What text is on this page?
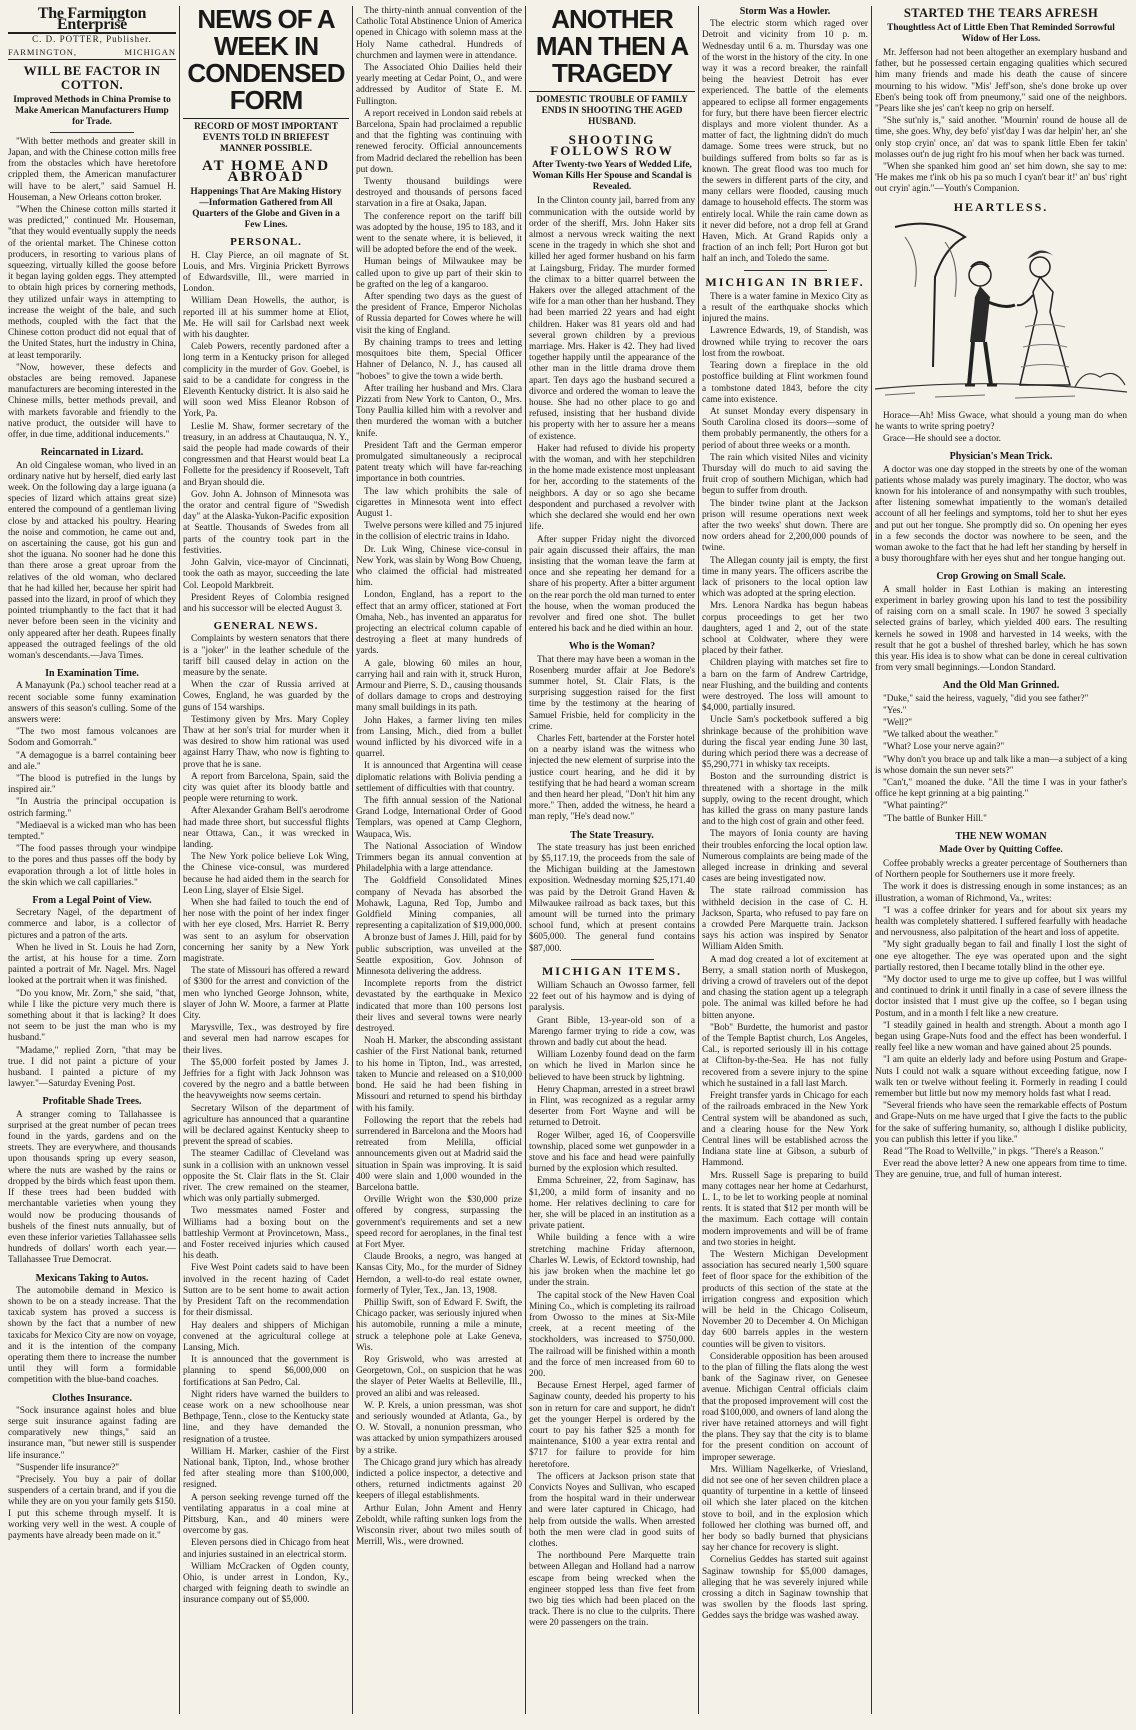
The Farmington Enterprise
C. D. POTTER, Publisher.
FARMINGTON,	MICHIGAN
WILL BE FACTOR IN COTTON.
Improved Methods in China Promise to Make American Manufacturers Hump for Trade.

"With better methods and greater skill in Japan, and with the Chinese cotton mills free from the obstacles which have heretofore crippled them, the American manufacturer will have to be alert," said Samuel H. Houseman, a New Orleans cotton broker.

"When the Chinese cotton mills started it was predicted," continued Mr. Houseman, "that they would eventually supply the needs of the oriental market. The Chinese cotton producers, in resorting to various plans of squeezing, virtually killed the goose before it began laying golden eggs. They attempted to obtain high prices by cornering methods, they utilized unfair ways in attempting to increase the weight of the bale, and such methods, coupled with the fact that the Chinese cotton product did not equal that of the United States, hurt the industry in China, at least temporarily.

"Now, however, these defects and obstacles are being removed. Japanese manufacturers are becoming interested in the Chinese mills, better methods prevail, and with markets favorable and friendly to the native product, the outsider will have to offer, in due time, additional inducements."

Reincarnated in Lizard.

An old Cingalese woman, who lived in an ordinary native hut by herself, died early last week. On the following day a large iguana (a species of lizard which attains great size) entered the compound of a gentleman living close by and attacked his poultry. Hearing the noise and commotion, he came out and, on ascertaining the cause, got his gun and shot the iguana. No sooner had he done this than there arose a great uproar from the relatives of the old woman, who declared that he had killed her, because her spirit had passed into the lizard, in proof of which they pointed triumphantly to the fact that it had never before been seen in the vicinity and only appeared after her death. Rupees finally appeased the outraged feelings of the old woman's descendants.—Java Times.

In Examination Time.

A Manayunk (Pa.) school teacher read at a recent sociable some funny examination answers of this season's culling. Some of the answers were:

"The two most famous volcanoes are Sodom and Gomorrah."

"A demagogue is a barrel containing beer and ale."

"The blood is putrefied in the lungs by inspired air."

"In Austria the principal occupation is ostrich farming."

"Mediaeval is a wicked man who has been tempted."

"The food passes through your windpipe to the pores and thus passes off the body by evaporation through a lot of little holes in the skin which we call capillaries."

From a Legal Point of View.

Secretary Nagel, of the department of commerce and labor, is a collector of pictures and a patron of the arts.

When he lived in St. Louis he had Zorn, the artist, at his house for a time. Zorn painted a portrait of Mr. Nagel. Mrs. Nagel looked at the portrait when it was finished.

"Do you know, Mr. Zorn," she said, "that, while I like the picture very much there is something about it that is lacking? It does not seem to be just the man who is my husband."

"Madame," replied Zorn, "that may be true. I did not paint a picture of your husband. I painted a picture of my lawyer."—Saturday Evening Post.

Profitable Shade Trees.

A stranger coming to Tallahassee is surprised at the great number of pecan trees found in the yards, gardens and on the streets. They are everywhere, and thousands upon thousands spring up every season, where the nuts are washed by the rains or dropped by the birds which feast upon them. If these trees had been budded with merchantable varieties when young they would now be producing thousands of bushels of the finest nuts annually, but of even these inferior varieties Tallahassee sells hundreds of dollars' worth each year.—Tallahassee True Democrat.

Mexicans Taking to Autos.

The automobile demand in Mexico is shown to be on a steady increase. That the taxicab system has proved a success is shown by the fact that a number of new taxicabs for Mexico City are now on voyage, and it is the intention of the company operating them there to increase the number until they will form a formidable competition with the blue-band coaches.

Clothes Insurance.

"Sock insurance against holes and blue serge suit insurance against fading are comparatively new things," said an insurance man, "but newer still is suspender life insurance."

"Suspender life insurance?"

"Precisely. You buy a pair of dollar suspenders of a certain brand, and if you die while they are on you your family gets $150. I put this scheme through myself. It is working very well in the west. A couple of payments have already been made on it."

NEWS OF A WEEK IN CONDENSED FORM
RECORD OF MOST IMPORTANT EVENTS TOLD IN BRIEFEST MANNER POSSIBLE.
AT HOME AND ABROAD
Happenings That Are Making History —Information Gathered from All Quarters of the Globe and Given in a Few Lines.
PERSONAL.

H. Clay Pierce, an oil magnate of St. Louis, and Mrs. Virginia Prickett Byrrows of Edwardsville, Ill., were married in London.

William Dean Howells, the author, is reported ill at his summer home at Eliot, Me. He will sail for Carlsbad next week with his daughter.

Caleb Powers, recently pardoned after a long term in a Kentucky prison for alleged complicity in the murder of Gov. Goebel, is said to be a candidate for congress in the Eleventh Kentucky district. It is also said he will soon wed Miss Eleanor Robson of York, Pa.

Leslie M. Shaw, former secretary of the treasury, in an address at Chautauqua, N. Y., said the people had made cowards of their congressmen and that Hearst would beat La Follette for the presidency if Roosevelt, Taft and Bryan should die.

Gov. John A. Johnson of Minnesota was the orator and central figure of "Swedish day" at the Alaska-Yukon-Pacific exposition at Seattle. Thousands of Swedes from all parts of the country took part in the festivities.

John Galvin, vice-mayor of Cincinnati, took the oath as mayor, succeeding the late Col. Leopold Markbreit.

President Reyes of Colombia resigned and his successor will be elected August 3.

GENERAL NEWS.

Complaints by western senators that there is a "joker" in the leather schedule of the tariff bill caused delay in action on the measure by the senate.

When the czar of Russia arrived at Cowes, England, he was guarded by the guns of 154 warships.

Testimony given by Mrs. Mary Copley Thaw at her son's trial for murder when it was desired to show him rational was used against Harry Thaw, who now is fighting to prove that he is sane.

A report from Barcelona, Spain, said the city was quiet after its bloody battle and people were returning to work.

After Alexander Graham Bell's aerodrome had made three short, but successful flights near Ottawa, Can., it was wrecked in landing.

The New York police believe Lok Wing, the Chinese vice-consul, was murdered because he had aided them in the search for Leon Ling, slayer of Elsie Sigel.

When she had failed to touch the end of her nose with the point of her index finger with her eye closed, Mrs. Harriet R. Berry was sent to an asylum for observation concerning her sanity by a New York magistrate.

The state of Missouri has offered a reward of $300 for the arrest and conviction of the men who lynched George Johnson, white, slayer of John W. Moore, a farmer at Platte City.

Marysville, Tex., was destroyed by fire and several men had narrow escapes for their lives.

The $5,000 forfeit posted by James J. Jeffries for a fight with Jack Johnson was covered by the negro and a battle between the heavyweights now seems certain.

Secretary Wilson of the department of agriculture has announced that a quarantine will be declared against Kentucky sheep to prevent the spread of scabies.

The steamer Cadillac of Cleveland was sunk in a collision with an unknown vessel opposite the St. Clair flats in the St. Clair river. The crew remained on the steamer, which was only partially submerged.

Two messmates named Foster and Williams had a boxing bout on the battleship Vermont at Provincetown, Mass., and Foster received injuries which caused his death.

Five West Point cadets said to have been involved in the recent hazing of Cadet Sutton are to be sent home to await action by President Taft on the recommendation for their dismissal.

Hay dealers and shippers of Michigan convened at the agricultural college at Lansing, Mich.

It is announced that the government is planning to spend $6,000,000 on fortifications at San Pedro, Cal.

Night riders have warned the builders to cease work on a new schoolhouse near Bethpage, Tenn., close to the Kentucky state line, and they have demanded the resignation of a trustee.

William H. Marker, cashier of the First National bank, Tipton, Ind., whose brother fed after stealing more than $100,000, resigned.

A person seeking revenge turned off the ventilating apparatus in a coal mine at Pittsburg, Kan., and 40 miners were overcome by gas.

Eleven persons died in Chicago from heat and injuries sustained in an electrical storm.

William McCracken of Ogden county, Ohio, is under arrest in London, Ky., charged with feigning death to swindle an insurance company out of $5,000.

The thirty-ninth annual convention of the Catholic Total Abstinence Union of America opened in Chicago with solemn mass at the Holy Name cathedral. Hundreds of churchmen and laymen were in attendance.

The Associated Ohio Dailies held their yearly meeting at Cedar Point, O., and were addressed by Auditor of State E. M. Fullington.

A report received in London said rebels at Barcelona, Spain had proclaimed a republic and that the fighting was continuing with renewed ferocity. Official announcements from Madrid declared the rebellion has been put down.

Twenty thousand buildings were destroyed and thousands of persons faced starvation in a fire at Osaka, Japan.

The conference report on the tariff bill was adopted by the house, 195 to 183, and it went to the senate where, it is believed, it will be adopted before the end of the week.

Human beings of Milwaukee may be called upon to give up part of their skin to be grafted on the leg of a kangaroo.

After spending two days as the guest of the president of France, Emperor Nicholas of Russia departed for Cowes where he will visit the king of England.

By chaining tramps to trees and letting mosquitoes bite them, Special Officer Hahner of Delanco, N. J., has caused all "hoboes" to give the town a wide berth.

After trailing her husband and Mrs. Clara Pizzati from New York to Canton, O., Mrs. Tony Paullia killed him with a revolver and then murdered the woman with a butcher knife.

President Taft and the German emperor promulgated simultaneously a reciprocal patent treaty which will have far-reaching importance in both countries.

The law which prohibits the sale of cigarettes in Minnesota went into effect August 1.

Twelve persons were killed and 75 injured in the collision of electric trains in Idaho.

Dr. Luk Wing, Chinese vice-consul in New York, was slain by Wong Bow Chueng, who claimed the official had mistreated him.

London, England, has a report to the effect that an army officer, stationed at Fort Omaha, Neb., has invented an apparatus for projecting an electrical column capable of destroying a fleet at many hundreds of yards.

A gale, blowing 60 miles an hour, carrying hail and rain with it, struck Huron, Armour and Pierre, S. D., causing thousands of dollars damage to crops and destroying many small buildings in its path.

John Hakes, a farmer living ten miles from Lansing, Mich., died from a bullet wound inflicted by his divorced wife in a quarrel.

It is announced that Argentina will cease diplomatic relations with Bolivia pending a settlement of difficulties with that country.

The fifth annual session of the National Grand Lodge, International Order of Good Templars, was opened at Camp Cleghorn, Waupaca, Wis.

The National Association of Window Trimmers began its annual convention at Philadelphia with a large attendance.

The Goldfield Consolidated Mines company of Nevada has absorbed the Mohawk, Laguna, Red Top, Jumbo and Goldfield Mining companies, all representing a capitalization of $19,000,000.

A bronze bust of James J. Hill, paid for by public subscription, was unveiled at the Seattle exposition, Gov. Johnson of Minnesota delivering the address.

Incomplete reports from the district devastated by the earthquake in Mexico indicated that more than 100 persons lost their lives and several towns were nearly destroyed.

Noah H. Marker, the absconding assistant cashier of the First National bank, returned to his home in Tipton, Ind., was arrested, taken to Muncie and released on a $10,000 bond. He said he had been fishing in Missouri and returned to spend his birthday with his family.

Following the report that the rebels had surrendered in Barcelona and the Moors had retreated from Melilla, official announcements given out at Madrid said the situation in Spain was improving. It is said 400 were slain and 1,000 wounded in the Barcelona battle.

Orville Wright won the $30,000 prize offered by congress, surpassing the government's requirements and set a new speed record for aeroplanes, in the final test at Fort Myer.

Claude Brooks, a negro, was hanged at Kansas City, Mo., for the murder of Sidney Herndon, a well-to-do real estate owner, formerly of Tyler, Tex., Jan. 13, 1908.

Phillip Swift, son of Edward F. Swift, the Chicago packer, was seriously injured when his automobile, running a mile a minute, struck a telephone pole at Lake Geneva, Wis.

Roy Griswold, who was arrested at Georgetown, Col., on suspicion that he was the slayer of Peter Waelts at Belleville, Ill., proved an alibi and was released.

W. P. Krels, a union pressman, was shot and seriously wounded at Atlanta, Ga., by O. W. Stovall, a nonunion pressman, who was attacked by union sympathizers aroused by a strike.

The Chicago grand jury which has already indicted a police inspector, a detective and others, returned indictments against 20 keepers of illegal establishments.

Arthur Eulan, John Ament and Henry Zeboldt, while rafting sunken logs from the Wisconsin river, about two miles south of Merrill, Wis., were drowned.

ANOTHER MAN THEN A TRAGEDY
DOMESTIC TROUBLE OF FAMILY ENDS IN SHOOTING THE AGED HUSBAND.
SHOOTING FOLLOWS ROW
After Twenty-two Years of Wedded Life, Woman Kills Her Spouse and Scandal is Revealed.

In the Clinton county jail, barred from any communication with the outside world by order of the sheriff, Mrs. John Haker sits almost a nervous wreck waiting the next scene in the tragedy in which she shot and killed her aged former husband on his farm at Laingsburg, Friday. The murder formed the climax to a bitter quarrel between the Hakers over the alleged attachment of the wife for a man other than her husband. They had been married 22 years and had eight children. Haker was 81 years old and had several grown children by a previous marriage. Mrs. Haker is 42. They had lived together happily until the appearance of the other man in the little drama drove them apart. Ten days ago the husband secured a divorce and ordered the woman to leave the house. She had no other place to go and refused, insisting that her husband divide his property with her to assure her a means of existence.

Haker had refused to divide his property with the woman, and with her stepchildren in the home made existence most unpleasant for her, according to the statements of the neighbors. A day or so ago she became despondent and purchased a revolver with which she declared she would end her own life.

After supper Friday night the divorced pair again discussed their affairs, the man insisting that the woman leave the farm at once and she repeating her demand for a share of his property. After a bitter argument on the rear porch the old man turned to enter the house, when the woman produced the revolver and fired one shot. The bullet entered his back and he died within an hour.

Who is the Woman?

That there may have been a woman in the Rosenberg murder affair at Joe Bedore's summer hotel, St. Clair Flats, is the surprising suggestion raised for the first time by the testimony at the hearing of Samuel Frisbie, held for complicity in the crime.

Charles Fett, bartender at the Forster hotel on a nearby island was the witness who injected the new element of surprise into the justice court hearing, and he did it by testifying that he had heard a woman scream and then heard her plead, "Don't hit him any more." Then, added the witness, he heard a man reply, "He's dead now."

The State Treasury.

The state treasury has just been enriched by $5,117.19, the proceeds from the sale of the Michigan building at the Jamestown exposition. Wednesday morning $25,171.40 was paid by the Detroit Grand Haven & Milwaukee railroad as back taxes, but this amount will be turned into the primary school fund, which at present contains $605,000. The general fund contains $87,000.

MICHIGAN ITEMS.

William Schauch an Owosso farmer, fell 22 feet out of his haymow and is dying of paralysis.

Grant Bible, 13-year-old son of a Marengo farmer trying to ride a cow, was thrown and badly cut about the head.

William Lozenby found dead on the farm on which he lived in Marlon since he believed to have been struck by lightning.

Henry Chapman, arrested in a street brawl in Flint, was recognized as a regular army deserter from Fort Wayne and will be returned to Detroit.

Roger Wilber, aged 16, of Coopersville township, placed some wet gunpowder in a stove and his face and head were painfully burned by the explosion which resulted.

Emma Schreiner, 22, from Saginaw, has $1,200, a mild form of insanity and no home. Her relatives declining to care for her, she will be placed in an institution as a private patient.

While building a fence with a wire stretching machine Friday afternoon, Charles W. Lewis, of Ecktord township, had his jaw broken when the machine let go under the strain.

The capital stock of the New Haven Coal Mining Co., which is completing its railroad from Owosso to the mines at Six-Mile creek, at a recent meeting of the stockholders, was increased to $750,000. The railroad will be finished within a month and the force of men increased from 60 to 200.

Because Ernest Herpel, aged farmer of Saginaw county, deeded his property to his son in return for care and support, he didn't get the younger Herpel is ordered by the court to pay his father $25 a month for maintenance, $100 a year extra rental and $717 for failure to provide for him heretofore.

The officers at Jackson prison state that Convicts Noyes and Sullivan, who escaped from the hospital ward in their underwear and were later captured in Chicago, had help from outside the walls. When arrested both the men were clad in good suits of clothes.

The northbound Pere Marquette train between Allegan and Holland had a narrow escape from being wrecked when the engineer stopped less than five feet from two big ties which had been placed on the track. There is no clue to the culprits. There were 20 passengers on the train.

Storm Was a Howler.

The electric storm which raged over Detroit and vicinity from 10 p. m. Wednesday until 6 a. m. Thursday was one of the worst in the history of the city. In one way it was a record breaker, the rainfall being the heaviest Detroit has ever experienced. The battle of the elements appeared to eclipse all former engagements for fury, but there have been fiercer electric displays and more violent thunder. As a matter of fact, the lightning didn't do much damage. Some trees were struck, but no buildings suffered from bolts so far as is known. The great flood was too much for the sewers in different parts of the city, and many cellars were flooded, causing much damage to household effects. The storm was entirely local. While the rain came down as it never did before, not a drop fell at Grand Haven, Mich. At Grand Rapids only a fraction of an inch fell; Port Huron got but half an inch, and Toledo the same.

MICHIGAN IN BRIEF.

There is a water famine in Mexico City as a result of the earthquake shocks which injured the mains.

Lawrence Edwards, 19, of Standish, was drowned while trying to recover the oars lost from the rowboat.

Tearing down a fireplace in the old postoffice building at Flint workmen found a tombstone dated 1843, before the city came into existence.

At sunset Monday every dispensary in South Carolina closed its doors—some of them probably permanently, the others for a period of about three weeks or a month.

The rain which visited Niles and vicinity Thursday will do much to aid saving the fruit crop of southern Michigan, which had begun to suffer from drouth.

The binder twine plant at the Jackson prison will resume operations next week after the two weeks' shut down. There are now orders ahead for 2,200,000 pounds of twine.

The Allegan county jail is empty, the first time in many years. The officers ascribe the lack of prisoners to the local option law which was adopted at the spring election.

Mrs. Lenora Nardka has begun habeas corpus proceedings to get her two daughters, aged 1 and 2, out of the state school at Coldwater, where they were placed by their father.

Children playing with matches set fire to a barn on the farm of Andrew Cartridge, near Flushing, and the building and contents were destroyed. The loss will amount to $4,000, partially insured.

Uncle Sam's pocketbook suffered a big shrinkage because of the prohibition wave during the fiscal year ending June 30 last, during which period there was a decrease of $5,290,771 in whisky tax receipts.

Boston and the surrounding district is threatened with a shortage in the milk supply, owing to the recent drought, which has killed the grass on many pasture lands and to the high cost of grain and other feed.

The mayors of Ionia county are having their troubles enforcing the local option law. Numerous complaints are being made of the alleged increase in drinking and several cases are being investigated now.

The state railroad commission has withheld decision in the case of C. H. Jackson, Sparta, who refused to pay fare on a crowded Pere Marquette train. Jackson says his action was inspired by Senator William Alden Smith.

A mad dog created a lot of excitement at Berry, a small station north of Muskegon, driving a crowd of travelers out of the depot and chasing the station agent up a telegraph pole. The animal was killed before he had bitten anyone.

"Bob" Burdette, the humorist and pastor of the Temple Baptist church, Los Angeles, Cal., is reported seriously ill in his cottage at Clifton-by-the-Sea. He has not fully recovered from a severe injury to the spine which he sustained in a fall last March.

Freight transfer yards in Chicago for each of the railroads embraced in the New York Central system will be abandoned as such, and a clearing house for the New York Central lines will be established across the Indiana state line at Gibson, a suburb of Hammond.

Mrs. Russell Sage is preparing to build many cottages near her home at Cedarhurst, L. I., to be let to working people at nominal rents. It is stated that $12 per month will be the maximum. Each cottage will contain modern improvements and will be of frame and two stories in height.

The Western Michigan Development association has secured nearly 1,500 square feet of floor space for the exhibition of the products of this section of the state at the irrigation congress and exposition which will be held in the Chicago Coliseum, November 20 to December 4. On Michigan day 600 barrels apples in the western counties will be given to visitors.

Considerable opposition has been aroused to the plan of filling the flats along the west bank of the Saginaw river, on Genesee avenue. Michigan Central officials claim that the proposed improvement will cost the road $100,000, and owners of land along the river have retained attorneys and will fight the plans. They say that the city is to blame for the present condition on account of improper sewerage.

Mrs. William Nagelkerke, of Vriesland, did not see one of her seven children place a quantity of turpentine in a kettle of linseed oil which she later placed on the kitchen stove to boil, and in the explosion which followed her clothing was burned off, and her body so badly burned that physicians say her chance for recovery is slight.

Cornelius Geddes has started suit against Saginaw township for $5,000 damages, alleging that he was severely injured while crossing a ditch in Saginaw township that was swollen by the floods last spring. Geddes says the bridge was washed away.

STARTED THE TEARS AFRESH
Thoughtless Act of Little Eben That Reminded Sorrowful Widow of Her Loss.

Mr. Jefferson had not been altogether an exemplary husband and father, but he possessed certain engaging qualities which secured him many friends and made his death the cause of sincere mourning to his widow. "Mis' Jeff'son, she's done broke up over Eben's being took off from pneumony," said one of the neighbors. "Pears like she jes' can't keep no grip on herself.

"She sut'nly is," said another. "Mournin' round de house all de time, she goes. Why, dey befo' yist'day I was dar helpin' her, an' she only stop cryin' once, an' dat was to spank little Eben fer takin' molasses out'n de jug right fro his mouf when her back was turned.

"When she spanked him good an' set him down, she say to me: 'He makes me t'ink ob his pa so much I cyan't bear it!' an' bus' right out cryin' agin."—Youth's Companion.

HEARTLESS.

Horace—Ah! Miss Gwace, what should a young man do when he wants to write spring poetry?

Grace—He should see a doctor.

Physician's Mean Trick.

A doctor was one day stopped in the streets by one of the woman patients whose malady was purely imaginary. The doctor, who was known for his intolerance of and nonsympathy with such troubles, after listening somewhat impatiently to the woman's detailed account of all her feelings and symptoms, told her to shut her eyes and put out her tongue. She promptly did so. On opening her eyes in a few seconds the doctor was nowhere to be seen, and the woman awoke to the fact that he had left her standing by herself in a busy thoroughfare with her eyes shut and her tongue hanging out.

Crop Growing on Small Scale.

A small holder in East Lothian is making an interesting experiment in barley growing upon his land to test the possibility of raising corn on a small scale. In 1907 he sowed 3 specially selected grains of barley, which yielded 400 ears. The resulting kernels he sowed in 1908 and harvested in 14 weeks, with the result that he got a bushel of threshed barley, which he has sown this year. His idea is to show what can be done in cereal cultivation from very small beginnings.—London Standard.

And the Old Man Grinned.

"Duke," said the heiress, vaguely, "did you see father?"

"Yes."

"Well?"

"We talked about the weather."

"What? Lose your nerve again?"

"Why don't you brace up and talk like a man—a subject of a king is whose domain the sun never sets?"

"Can't," moaned the duke. "All the time I was in your father's office he kept grinning at a big painting."

"What painting?"

"The battle of Bunker Hill."

THE NEW WOMAN
Made Over by Quitting Coffee.

Coffee probably wrecks a greater percentage of Southerners than of Northern people for Southerners use it more freely.

The work it does is distressing enough in some instances; as an illustration, a woman of Richmond, Va., writes:

"I was a coffee drinker for years and for about six years my health was completely shattered. I suffered fearfully with headache and nervousness, also palpitation of the heart and loss of appetite.

"My sight gradually began to fail and finally I lost the sight of one eye altogether. The eye was operated upon and the sight partially restored, then I became totally blind in the other eye.

"My doctor used to urge me to give up coffee, but I was willful and continued to drink it until finally in a case of severe illness the doctor insisted that I must give up the coffee, so I began using Postum, and in a month I felt like a new creature.

"I steadily gained in health and strength. About a month ago I began using Grape-Nuts food and the effect has been wonderful. I really feel like a new woman and have gained about 25 pounds.

"I am quite an elderly lady and before using Postum and Grape-Nuts I could not walk a square without exceeding fatigue, now I walk ten or twelve without feeling it. Formerly in reading I could remember but little but now my memory holds fast what I read.

"Several friends who have seen the remarkable effects of Postum and Grape-Nuts on me have urged that I give the facts to the public for the sake of suffering humanity, so, although I dislike publicity, you can publish this letter if you like."

Read "The Road to Wellville," in pkgs. "There's a Reason."

Ever read the above letter? A new one appears from time to time. They are genuine, true, and full of human interest.
